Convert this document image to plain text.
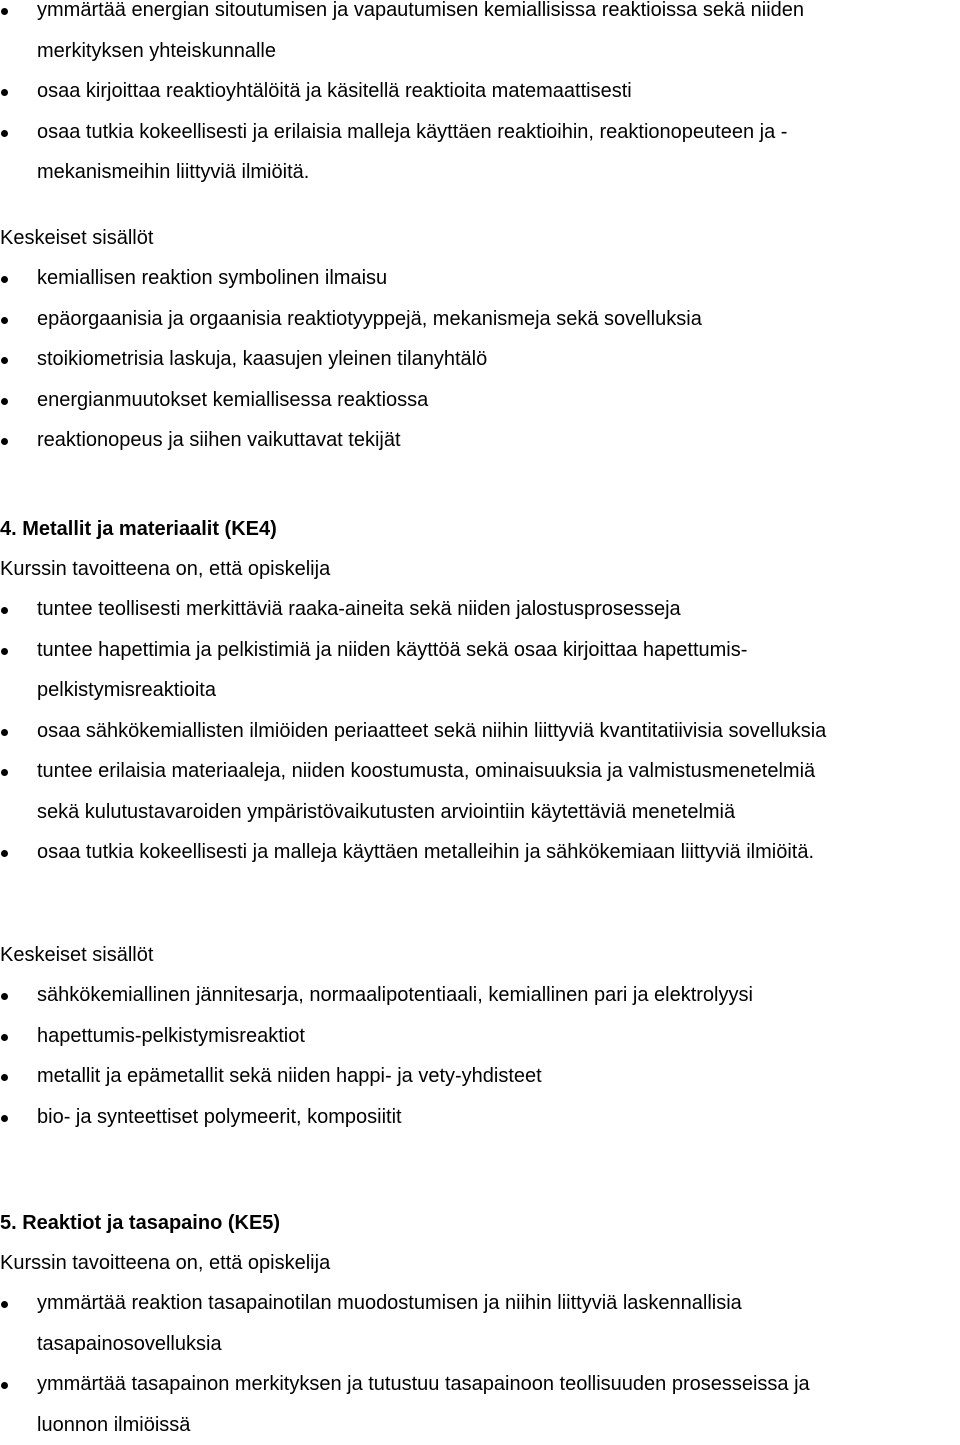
ymmärtää energian sitoutumisen ja vapautumisen kemiallisissa reaktioissa sekä niiden
merkityksen yhteiskunnalle
osaa kirjoittaa reaktioyhtälöitä ja käsitellä reaktioita matemaattisesti
osaa tutkia kokeellisesti ja erilaisia malleja käyttäen reaktioihin, reaktionopeuteen ja -
mekanismeihin liittyviä ilmiöitä.
Keskeiset sisällöt
kemiallisen reaktion symbolinen ilmaisu
epäorgaanisia ja orgaanisia reaktiotyyppejä, mekanismeja sekä sovelluksia
stoikiometrisia laskuja, kaasujen yleinen tilanyhtälö
energianmuutokset kemiallisessa reaktiossa
reaktionopeus ja siihen vaikuttavat tekijät
4. Metallit ja materiaalit (KE4)
Kurssin tavoitteena on, että opiskelija
tuntee teollisesti merkittäviä raaka-aineita sekä niiden jalostusprosesseja
tuntee hapettimia ja pelkistimiä ja niiden käyttöä sekä osaa kirjoittaa hapettumis-
pelkistymisreaktioita
osaa sähkökemiallisten ilmiöiden periaatteet sekä niihin liittyviä kvantitatiivisia sovelluksia
tuntee erilaisia materiaaleja, niiden koostumusta, ominaisuuksia ja valmistusmenetelmiä
sekä kulutustavaroiden ympäristövaikutusten arviointiin käytettäviä menetelmiä
osaa tutkia kokeellisesti ja malleja käyttäen metalleihin ja sähkökemiaan liittyviä ilmiöitä.
Keskeiset sisällöt
sähkökemiallinen jännitesarja, normaalipotentiaali, kemiallinen pari ja elektrolyysi
hapettumis-pelkistymisreaktiot
metallit ja epämetallit sekä niiden happi- ja vety-yhdisteet
bio- ja synteettiset polymeerit, komposiitit
5. Reaktiot ja tasapaino (KE5)
Kurssin tavoitteena on, että opiskelija
ymmärtää reaktion tasapainotilan muodostumisen ja niihin liittyviä laskennallisia
tasapainosovelluksia
ymmärtää tasapainon merkityksen ja tutustuu tasapainoon teollisuuden prosesseissa ja
luonnon ilmiöissä
